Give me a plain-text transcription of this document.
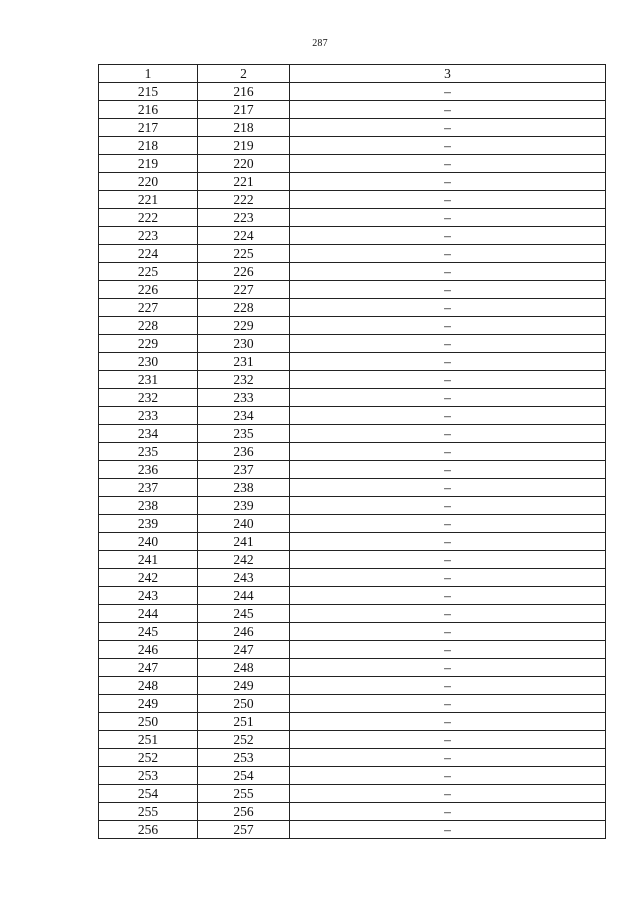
287
1	2	3
215	216	–
216	217	–
217	218	–
218	219	–
219	220	–
220	221	–
221	222	–
222	223	–
223	224	–
224	225	–
225	226	–
226	227	–
227	228	–
228	229	–
229	230	–
230	231	–
231	232	–
232	233	–
233	234	–
234	235	–
235	236	–
236	237	–
237	238	–
238	239	–
239	240	–
240	241	–
241	242	–
242	243	–
243	244	–
244	245	–
245	246	–
246	247	–
247	248	–
248	249	–
249	250	–
250	251	–
251	252	–
252	253	–
253	254	–
254	255	–
255	256	–
256	257	–
